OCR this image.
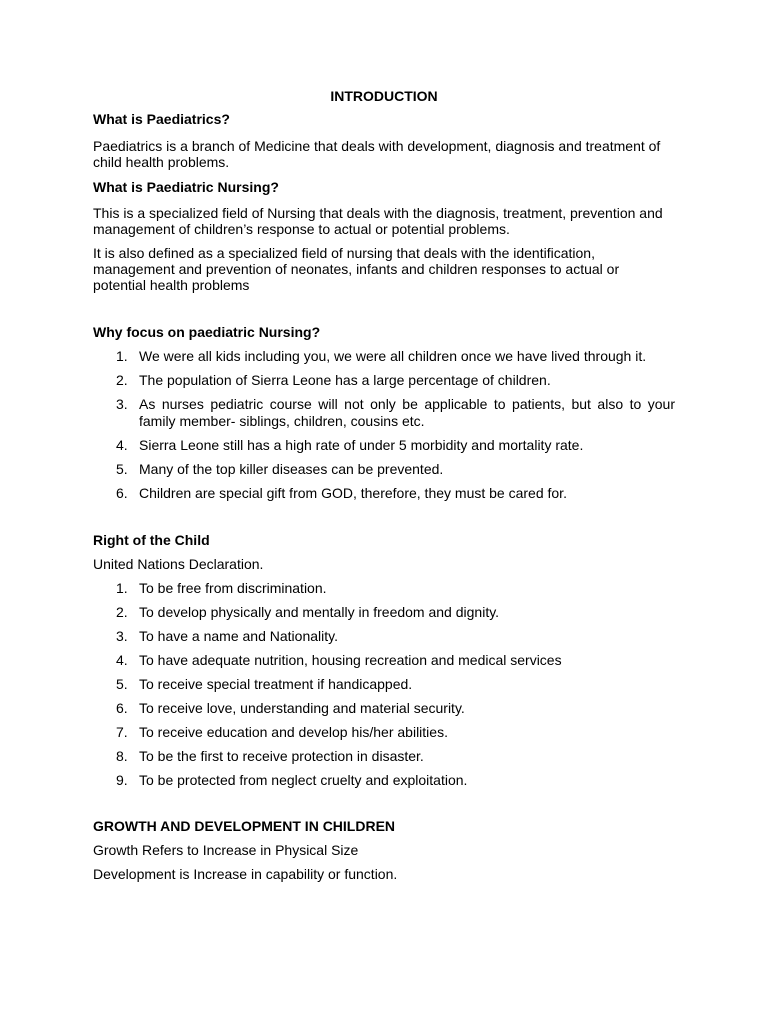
INTRODUCTION

What is Paediatrics?

Paediatrics is a branch of Medicine that deals with development, diagnosis and treatment of child health problems.

What is Paediatric Nursing?

This is a specialized field of Nursing that deals with the diagnosis, treatment, prevention and management of children’s response to actual or potential problems.

It is also defined as a specialized field of nursing that deals with the identification, management and prevention of neonates, infants and children responses to actual or potential health problems

Why focus on paediatric Nursing?

1. We were all kids including you, we were all children once we have lived through it.
2. The population of Sierra Leone has a large percentage of children.
3. As nurses pediatric course will not only be applicable to patients, but also to your family member- siblings, children, cousins etc.
4. Sierra Leone still has a high rate of under 5 morbidity and mortality rate.
5. Many of the top killer diseases can be prevented.
6. Children are special gift from GOD, therefore, they must be cared for.

Right of the Child

United Nations Declaration.

1. To be free from discrimination.
2. To develop physically and mentally in freedom and dignity.
3. To have a name and Nationality.
4. To have adequate nutrition, housing recreation and medical services
5. To receive special treatment if handicapped.
6. To receive love, understanding and material security.
7. To receive education and develop his/her abilities.
8. To be the first to receive protection in disaster.
9. To be protected from neglect cruelty and exploitation.

GROWTH AND DEVELOPMENT IN CHILDREN

Growth Refers to Increase in Physical Size

Development is Increase in capability or function.
